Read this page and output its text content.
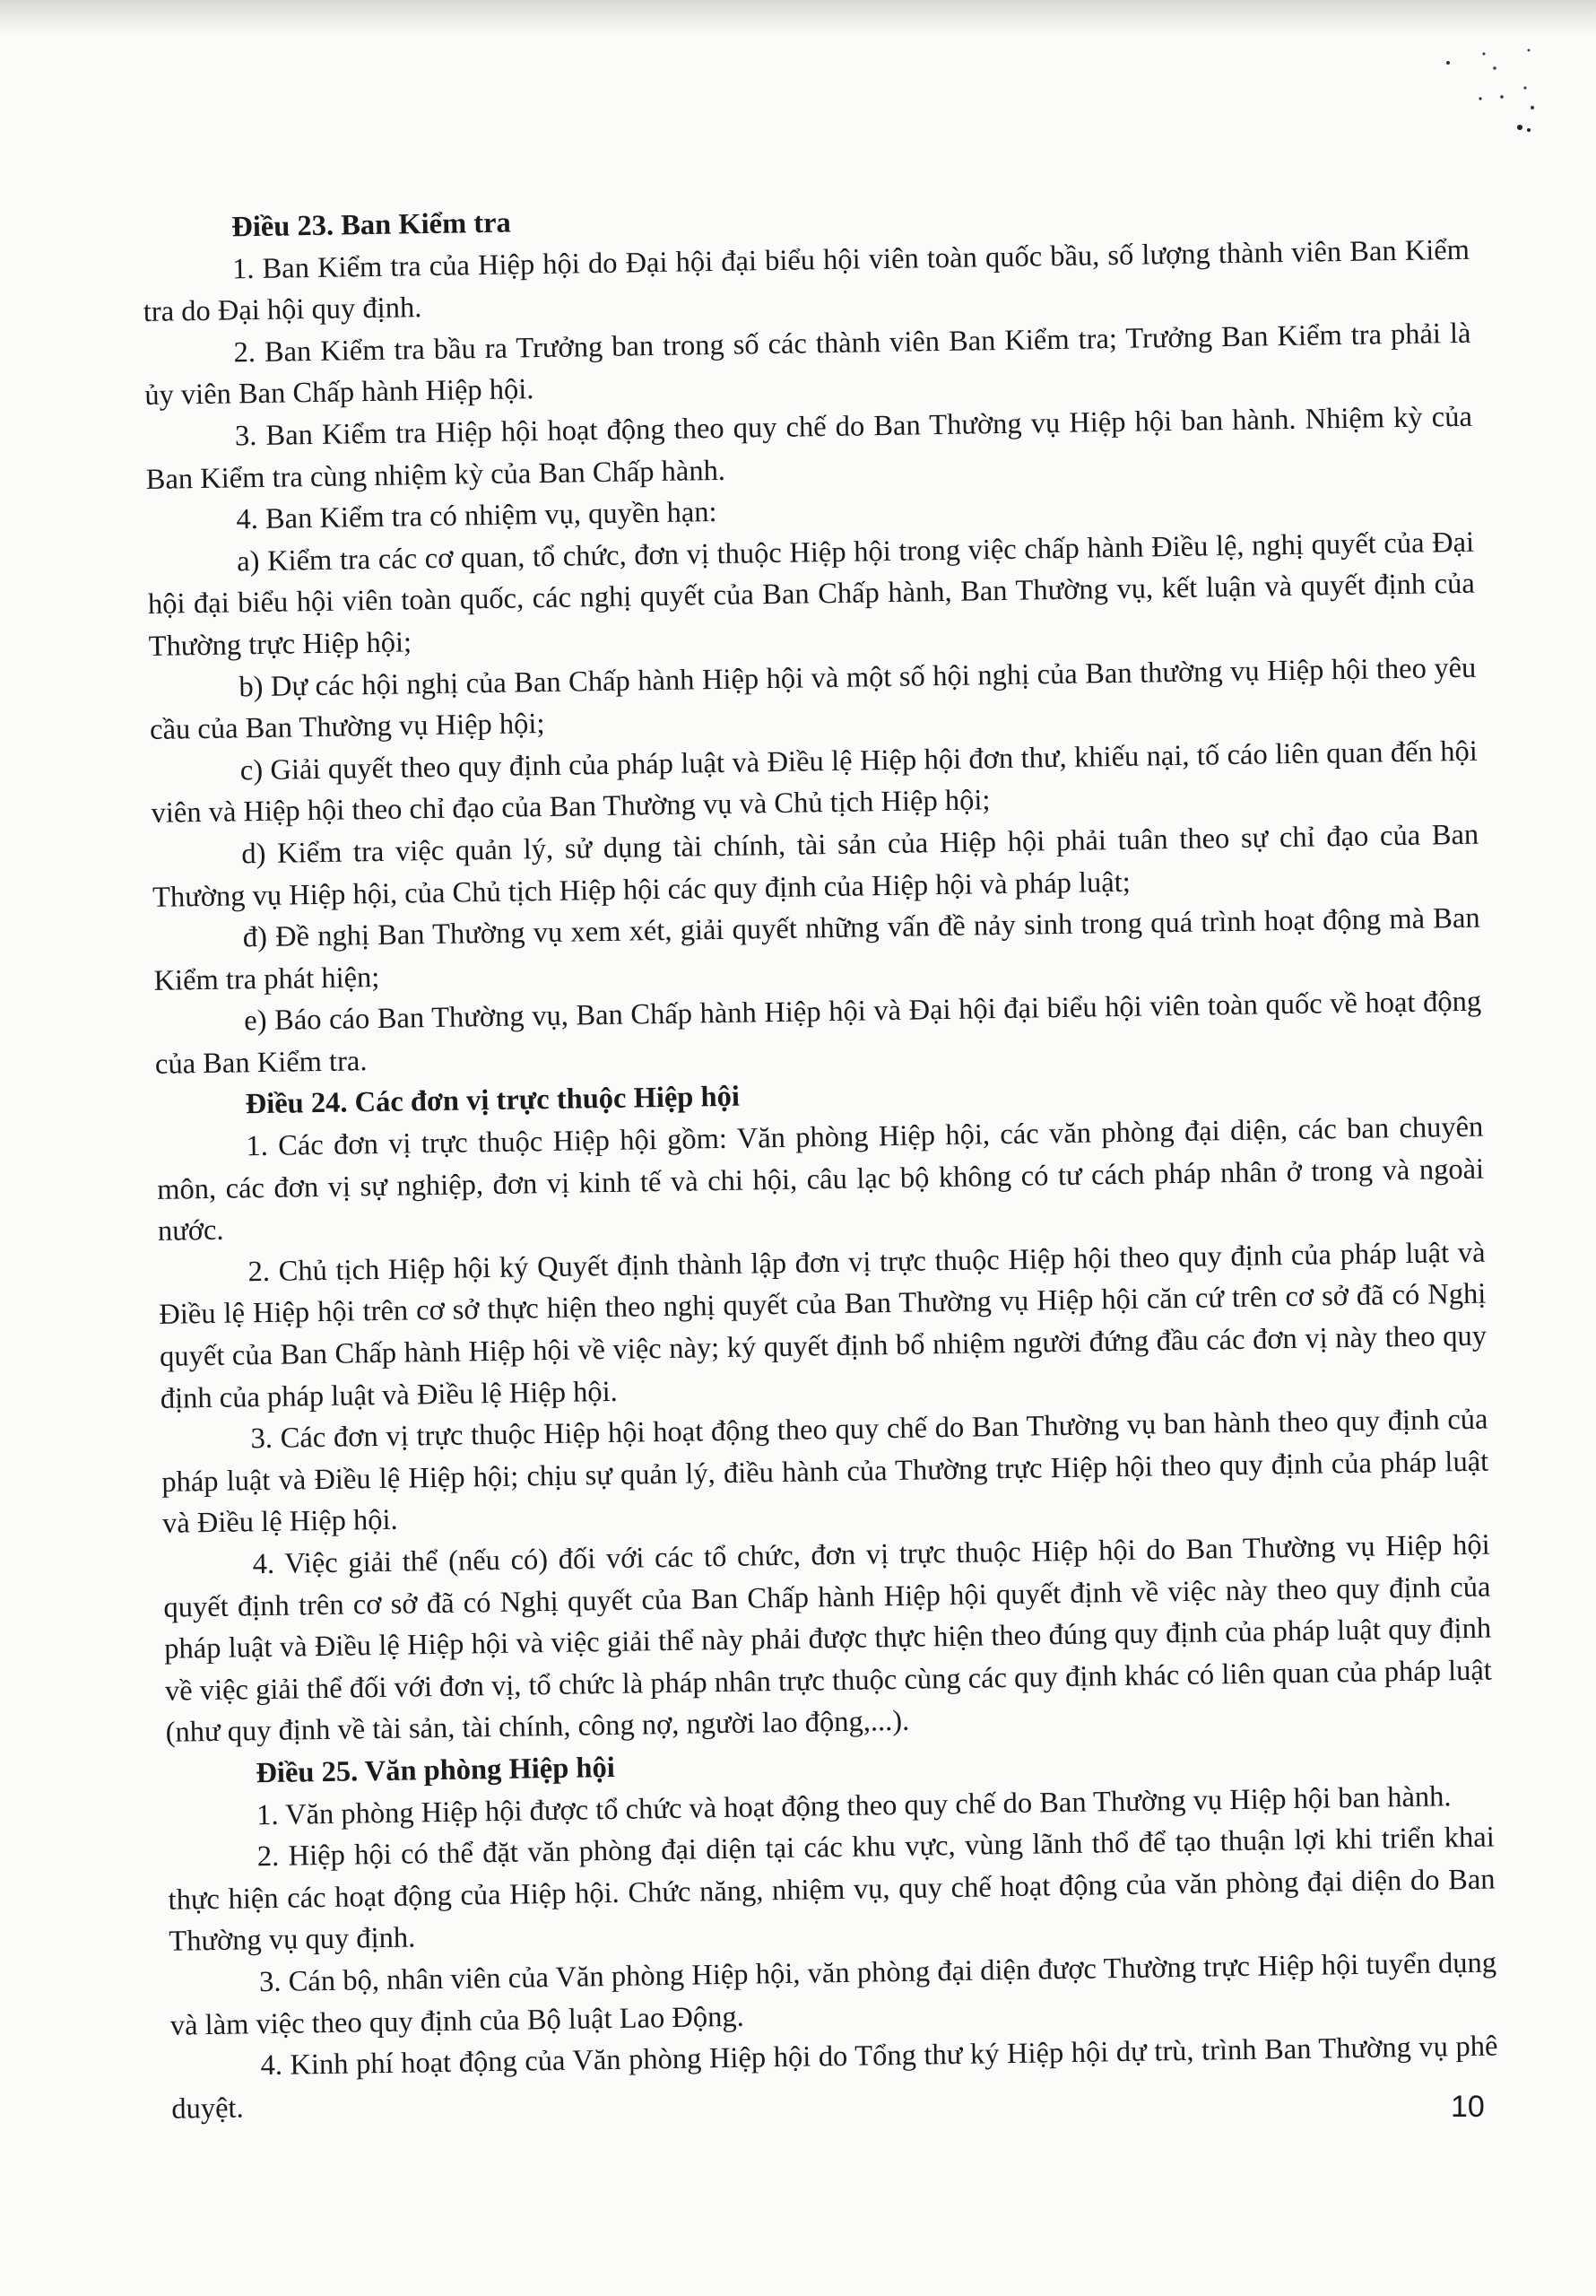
Điều 23. Ban Kiểm tra

1. Ban Kiểm tra của Hiệp hội do Đại hội đại biểu hội viên toàn quốc bầu, số lượng thành viên Ban Kiểm tra do Đại hội quy định.

2. Ban Kiểm tra bầu ra Trưởng ban trong số các thành viên Ban Kiểm tra; Trưởng Ban Kiểm tra phải là ủy viên Ban Chấp hành Hiệp hội.

3. Ban Kiểm tra Hiệp hội hoạt động theo quy chế do Ban Thường vụ Hiệp hội ban hành. Nhiệm kỳ của Ban Kiểm tra cùng nhiệm kỳ của Ban Chấp hành.

4. Ban Kiểm tra có nhiệm vụ, quyền hạn:

a) Kiểm tra các cơ quan, tổ chức, đơn vị thuộc Hiệp hội trong việc chấp hành Điều lệ, nghị quyết của Đại hội đại biểu hội viên toàn quốc, các nghị quyết của Ban Chấp hành, Ban Thường vụ, kết luận và quyết định của Thường trực Hiệp hội;

b) Dự các hội nghị của Ban Chấp hành Hiệp hội và một số hội nghị của Ban thường vụ Hiệp hội theo yêu cầu của Ban Thường vụ Hiệp hội;

c) Giải quyết theo quy định của pháp luật và Điều lệ Hiệp hội đơn thư, khiếu nại, tố cáo liên quan đến hội viên và Hiệp hội theo chỉ đạo của Ban Thường vụ và Chủ tịch Hiệp hội;

d) Kiểm tra việc quản lý, sử dụng tài chính, tài sản của Hiệp hội phải tuân theo sự chỉ đạo của Ban Thường vụ Hiệp hội, của Chủ tịch Hiệp hội các quy định của Hiệp hội và pháp luật;

đ) Đề nghị Ban Thường vụ xem xét, giải quyết những vấn đề nảy sinh trong quá trình hoạt động mà Ban Kiểm tra phát hiện;

e) Báo cáo Ban Thường vụ, Ban Chấp hành Hiệp hội và Đại hội đại biểu hội viên toàn quốc về hoạt động của Ban Kiểm tra.

Điều 24. Các đơn vị trực thuộc Hiệp hội

1. Các đơn vị trực thuộc Hiệp hội gồm: Văn phòng Hiệp hội, các văn phòng đại diện, các ban chuyên môn, các đơn vị sự nghiệp, đơn vị kinh tế và chi hội, câu lạc bộ không có tư cách pháp nhân ở trong và ngoài nước.

2. Chủ tịch Hiệp hội ký Quyết định thành lập đơn vị trực thuộc Hiệp hội theo quy định của pháp luật và Điều lệ Hiệp hội trên cơ sở thực hiện theo nghị quyết của Ban Thường vụ Hiệp hội căn cứ trên cơ sở đã có Nghị quyết của Ban Chấp hành Hiệp hội về việc này; ký quyết định bổ nhiệm người đứng đầu các đơn vị này theo quy định của pháp luật và Điều lệ Hiệp hội.

3. Các đơn vị trực thuộc Hiệp hội hoạt động theo quy chế do Ban Thường vụ ban hành theo quy định của pháp luật và Điều lệ Hiệp hội; chịu sự quản lý, điều hành của Thường trực Hiệp hội theo quy định của pháp luật và Điều lệ Hiệp hội.

4. Việc giải thể (nếu có) đối với các tổ chức, đơn vị trực thuộc Hiệp hội do Ban Thường vụ Hiệp hội quyết định trên cơ sở đã có Nghị quyết của Ban Chấp hành Hiệp hội quyết định về việc này theo quy định của pháp luật và Điều lệ Hiệp hội và việc giải thể này phải được thực hiện theo đúng quy định của pháp luật quy định về việc giải thể đối với đơn vị, tổ chức là pháp nhân trực thuộc cùng các quy định khác có liên quan của pháp luật (như quy định về tài sản, tài chính, công nợ, người lao động,...).

Điều 25. Văn phòng Hiệp hội

1. Văn phòng Hiệp hội được tổ chức và hoạt động theo quy chế do Ban Thường vụ Hiệp hội ban hành.

2. Hiệp hội có thể đặt văn phòng đại diện tại các khu vực, vùng lãnh thổ để tạo thuận lợi khi triển khai thực hiện các hoạt động của Hiệp hội. Chức năng, nhiệm vụ, quy chế hoạt động của văn phòng đại diện do Ban Thường vụ quy định.

3. Cán bộ, nhân viên của Văn phòng Hiệp hội, văn phòng đại diện được Thường trực Hiệp hội tuyển dụng và làm việc theo quy định của Bộ luật Lao Động.

4. Kinh phí hoạt động của Văn phòng Hiệp hội do Tổng thư ký Hiệp hội dự trù, trình Ban Thường vụ phê duyệt.	10
